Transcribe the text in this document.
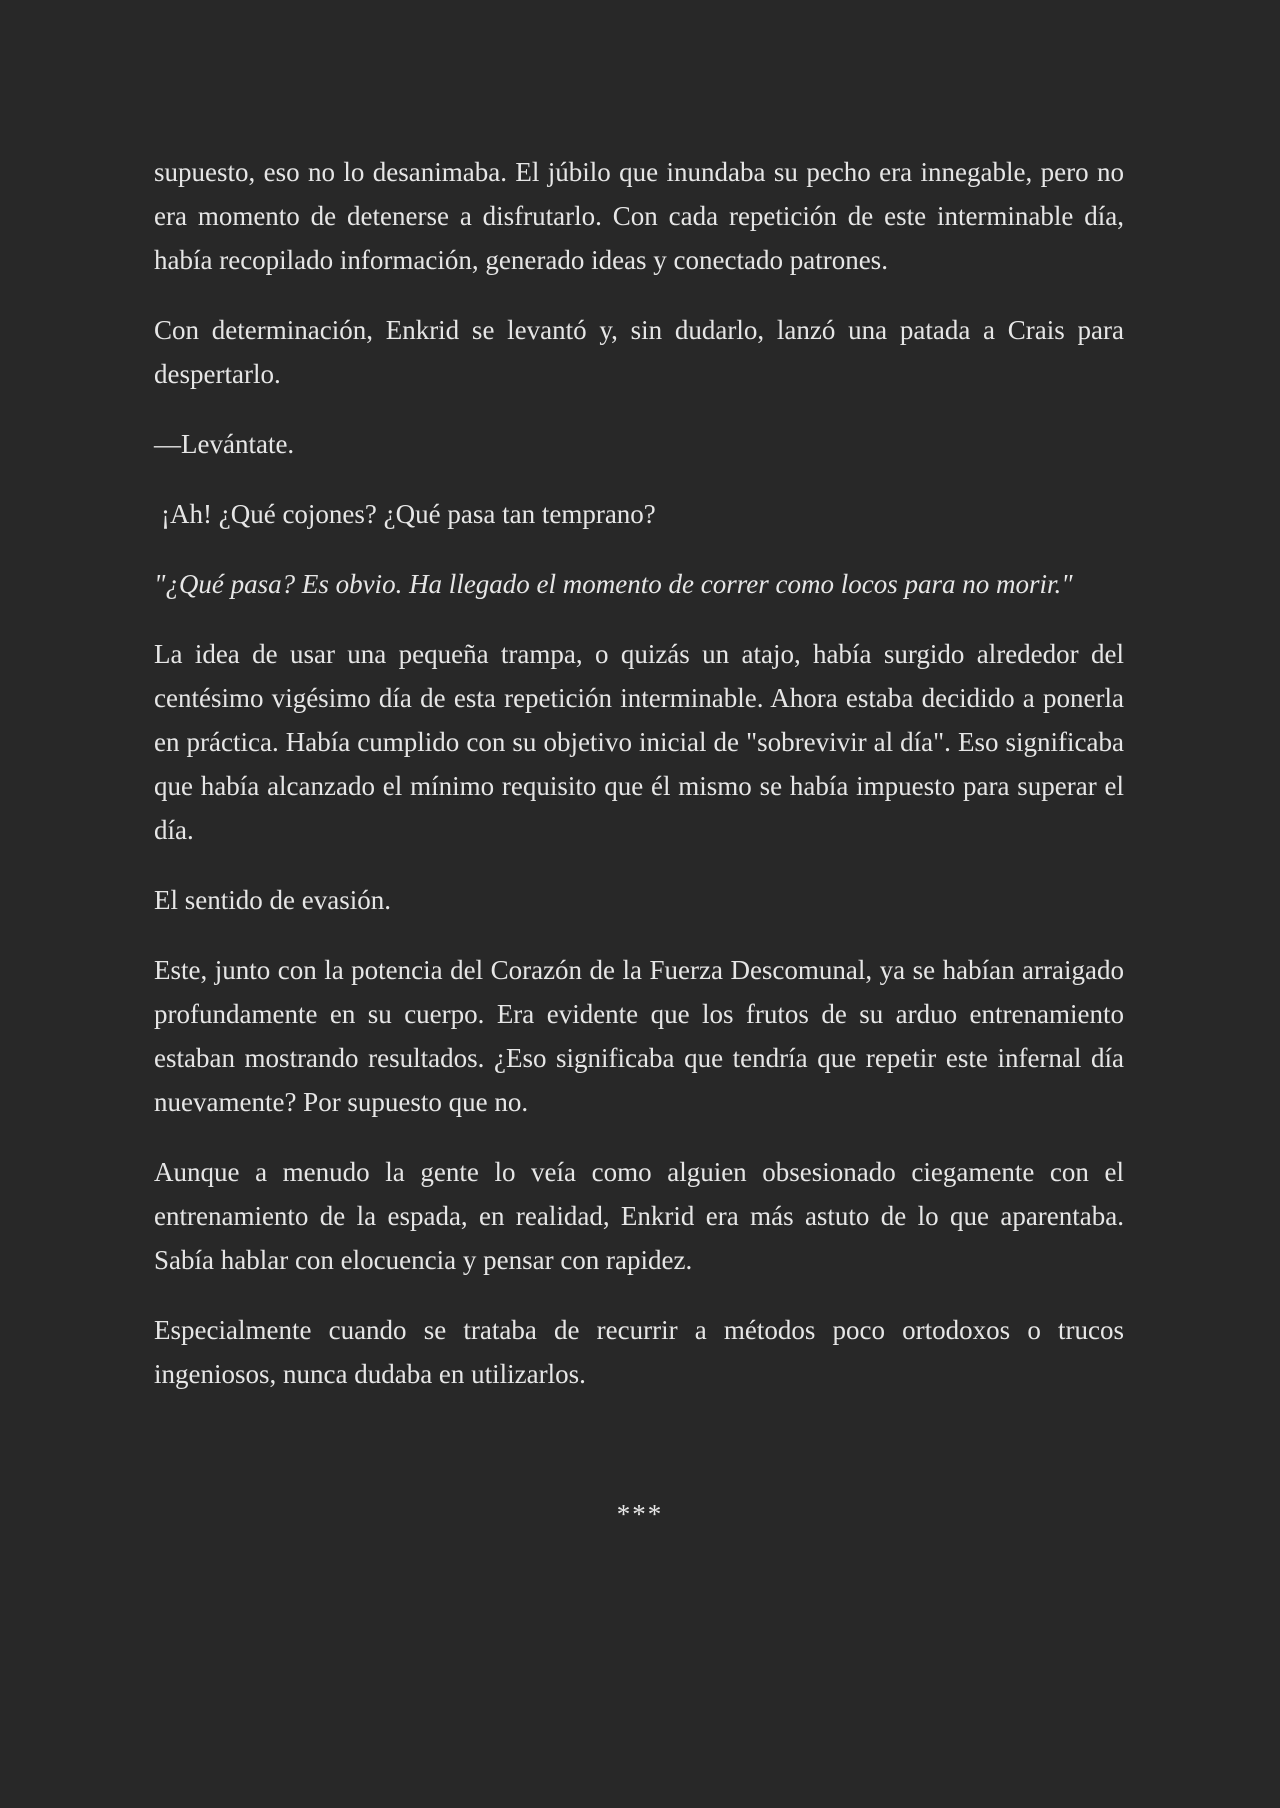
supuesto, eso no lo desanimaba. El júbilo que inundaba su pecho era innegable, pero no era momento de detenerse a disfrutarlo. Con cada repetición de este interminable día, había recopilado información, generado ideas y conectado patrones.

Con determinación, Enkrid se levantó y, sin dudarlo, lanzó una patada a Crais para despertarlo.

—Levántate.

¡Ah! ¿Qué cojones? ¿Qué pasa tan temprano?

"¿Qué pasa? Es obvio. Ha llegado el momento de correr como locos para no morir."

La idea de usar una pequeña trampa, o quizás un atajo, había surgido alrededor del centésimo vigésimo día de esta repetición interminable. Ahora estaba decidido a ponerla en práctica. Había cumplido con su objetivo inicial de "sobrevivir al día". Eso significaba que había alcanzado el mínimo requisito que él mismo se había impuesto para superar el día.

El sentido de evasión.

Este, junto con la potencia del Corazón de la Fuerza Descomunal, ya se habían arraigado profundamente en su cuerpo. Era evidente que los frutos de su arduo entrenamiento estaban mostrando resultados. ¿Eso significaba que tendría que repetir este infernal día nuevamente? Por supuesto que no.

Aunque a menudo la gente lo veía como alguien obsesionado ciegamente con el entrenamiento de la espada, en realidad, Enkrid era más astuto de lo que aparentaba. Sabía hablar con elocuencia y pensar con rapidez.

Especialmente cuando se trataba de recurrir a métodos poco ortodoxos o trucos ingeniosos, nunca dudaba en utilizarlos.

***
